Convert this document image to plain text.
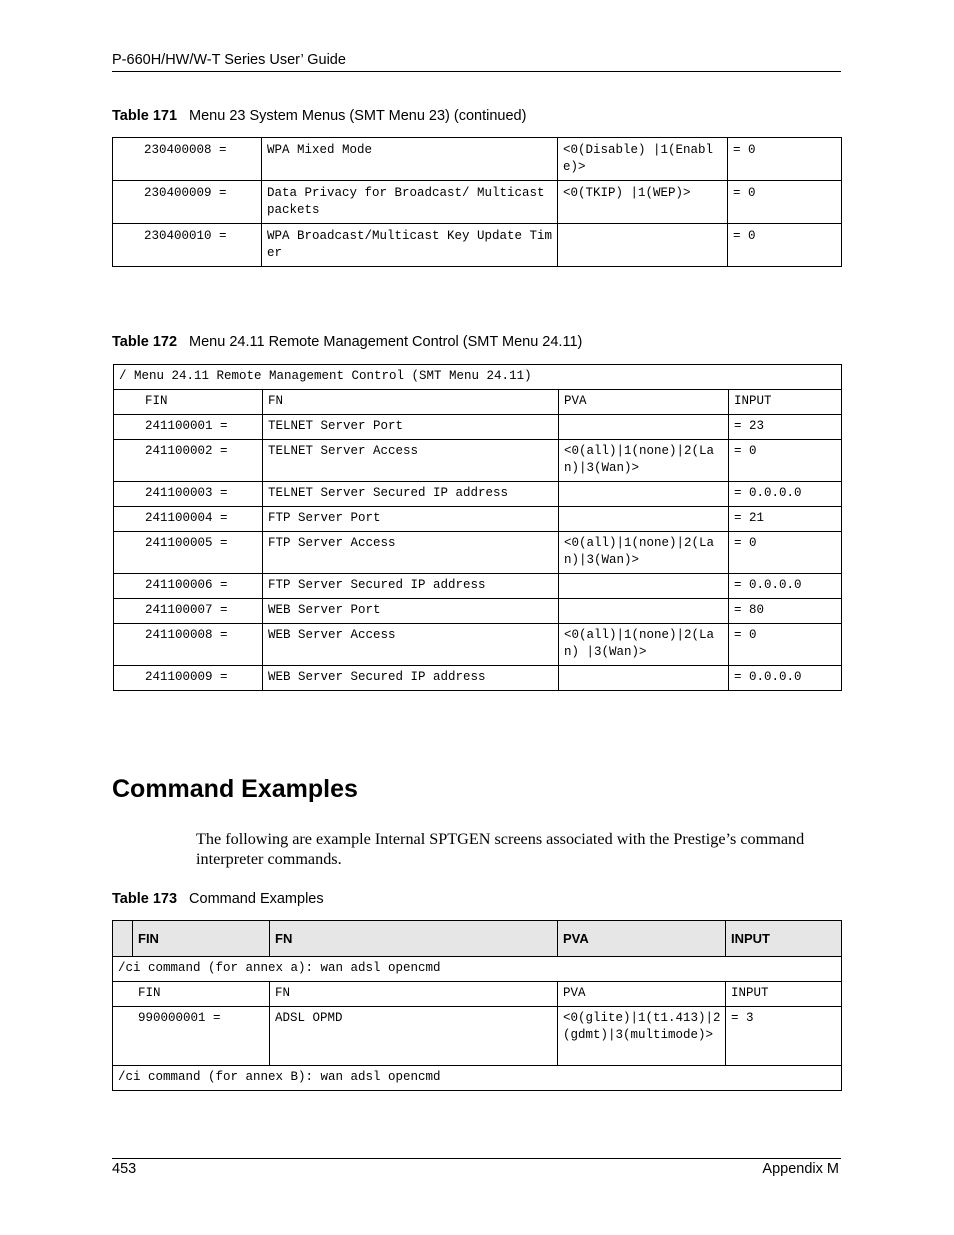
P-660H/HW/W-T Series User’ Guide
Table 171 Menu 23 System Menus (SMT Menu 23) (continued)
230400008 =	WPA Mixed Mode	<0(Disable) |1(Enable)>	= 0
230400009 =	Data Privacy for Broadcast/ Multicast packets	<0(TKIP) |1(WEP)>	= 0
230400010 =	WPA Broadcast/Multicast Key Update Timer		= 0
Table 172 Menu 24.11 Remote Management Control (SMT Menu 24.11)
/ Menu 24.11 Remote Management Control (SMT Menu 24.11)			
FIN	FN	PVA	INPUT
241100001 =	TELNET Server Port		= 23
241100002 =	TELNET Server Access	<0(all)|1(none)|2(Lan)|3(Wan)>	= 0
241100003 =	TELNET Server Secured IP address		= 0.0.0.0
241100004 =	FTP Server Port		= 21
241100005 =	FTP Server Access	<0(all)|1(none)|2(Lan)|3(Wan)>	= 0
241100006 =	FTP Server Secured IP address		= 0.0.0.0
241100007 =	WEB Server Port		= 80
241100008 =	WEB Server Access	<0(all)|1(none)|2(Lan) |3(Wan)>	= 0
241100009 =	WEB Server Secured IP address		= 0.0.0.0
Command Examples
The following are example Internal SPTGEN screens associated with the Prestige’s command interpreter commands.
Table 173 Command Examples
	FIN	FN	PVA	INPUT
/ci command (for annex a): wan adsl opencmd				
FIN		FN	PVA	INPUT
990000001 =		ADSL OPMD	<0(glite)|1(t1.413)|2(gdmt)|3(multimode)>	= 3
/ci command (for annex B): wan adsl opencmd				
453	Appendix M
